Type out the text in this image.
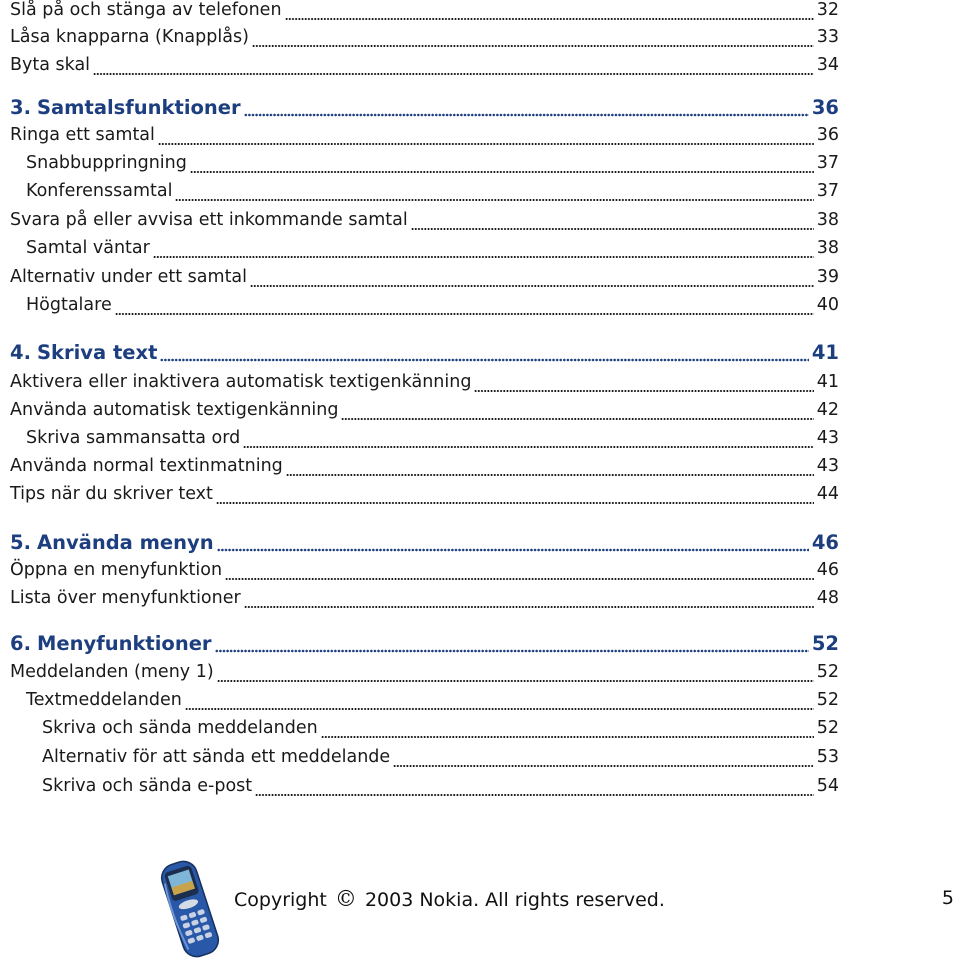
Slå på och stänga av telefonen	32
Låsa knapparna (Knapplås)	33
Byta skal	34
3. Samtalsfunktioner	36
Ringa ett samtal	36
Snabbuppringning	37
Konferenssamtal	37
Svara på eller avvisa ett inkommande samtal	38
Samtal väntar	38
Alternativ under ett samtal	39
Högtalare	40
4. Skriva text	41
Aktivera eller inaktivera automatisk textigenkänning	41
Använda automatisk textigenkänning	42
Skriva sammansatta ord	43
Använda normal textinmatning	43
Tips när du skriver text	44
5. Använda menyn	46
Öppna en menyfunktion	46
Lista över menyfunktioner	48
6. Menyfunktioner	52
Meddelanden (meny 1)	52
Textmeddelanden	52
Skriva och sända meddelanden	52
Alternativ för att sända ett meddelande	53
Skriva och sända e-post	54
Copyright © 2003 Nokia. All rights reserved.	5
